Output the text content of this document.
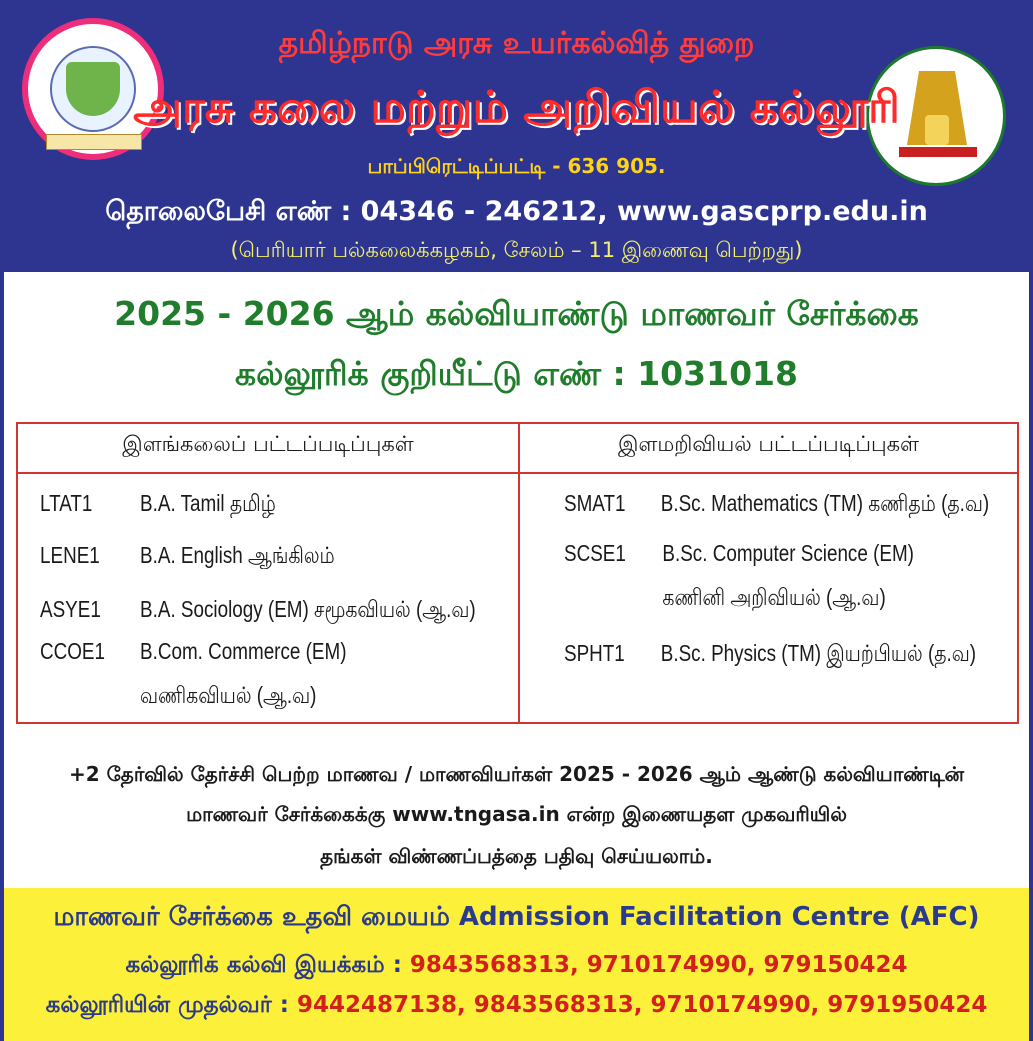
தமிழ்நாடு அரசு உயர்கல்வித் துறை
அரசு கலை மற்றும் அறிவியல் கல்லூரி
பாப்பிரெட்டிப்பட்டி - 636 905.
தொலைபேசி எண் : 04346 - 246212, www.gascprp.edu.in
(பெரியார் பல்கலைக்கழகம், சேலம் – 11 இணைவு பெற்றது)
2025 - 2026 ஆம் கல்வியாண்டு மாணவர் சேர்க்கை
கல்லூரிக் குறியீட்டு எண் : 1031018
இளங்கலைப் பட்டப்படிப்புகள்	இளமறிவியல் பட்டப்படிப்புகள்
LTAT1 B.A. Tamil தமிழ்
LENE1 B.A. English ஆங்கிலம்
ASYE1 B.A. Sociology (EM) சமூகவியல் (ஆ.வ)
CCOE1 B.Com. Commerce (EM)
வணிகவியல் (ஆ.வ)
SMAT1 B.Sc. Mathematics (TM) கணிதம் (த.வ)
SCSE1 B.Sc. Computer Science (EM)
கணினி அறிவியல் (ஆ.வ)
SPHT1 B.Sc. Physics (TM) இயற்பியல் (த.வ)
+2 தேர்வில் தேர்ச்சி பெற்ற மாணவ / மாணவியர்கள் 2025 - 2026 ஆம் ஆண்டு கல்வியாண்டின்
மாணவர் சேர்க்கைக்கு www.tngasa.in என்ற இணையதள முகவரியில்
தங்கள் விண்ணப்பத்தை பதிவு செய்யலாம்.
மாணவர் சேர்க்கை உதவி மையம் Admission Facilitation Centre (AFC)
கல்லூரிக் கல்வி இயக்கம் : 9843568313, 9710174990, 979150424
கல்லூரியின் முதல்வர் : 9442487138, 9843568313, 9710174990, 9791950424
